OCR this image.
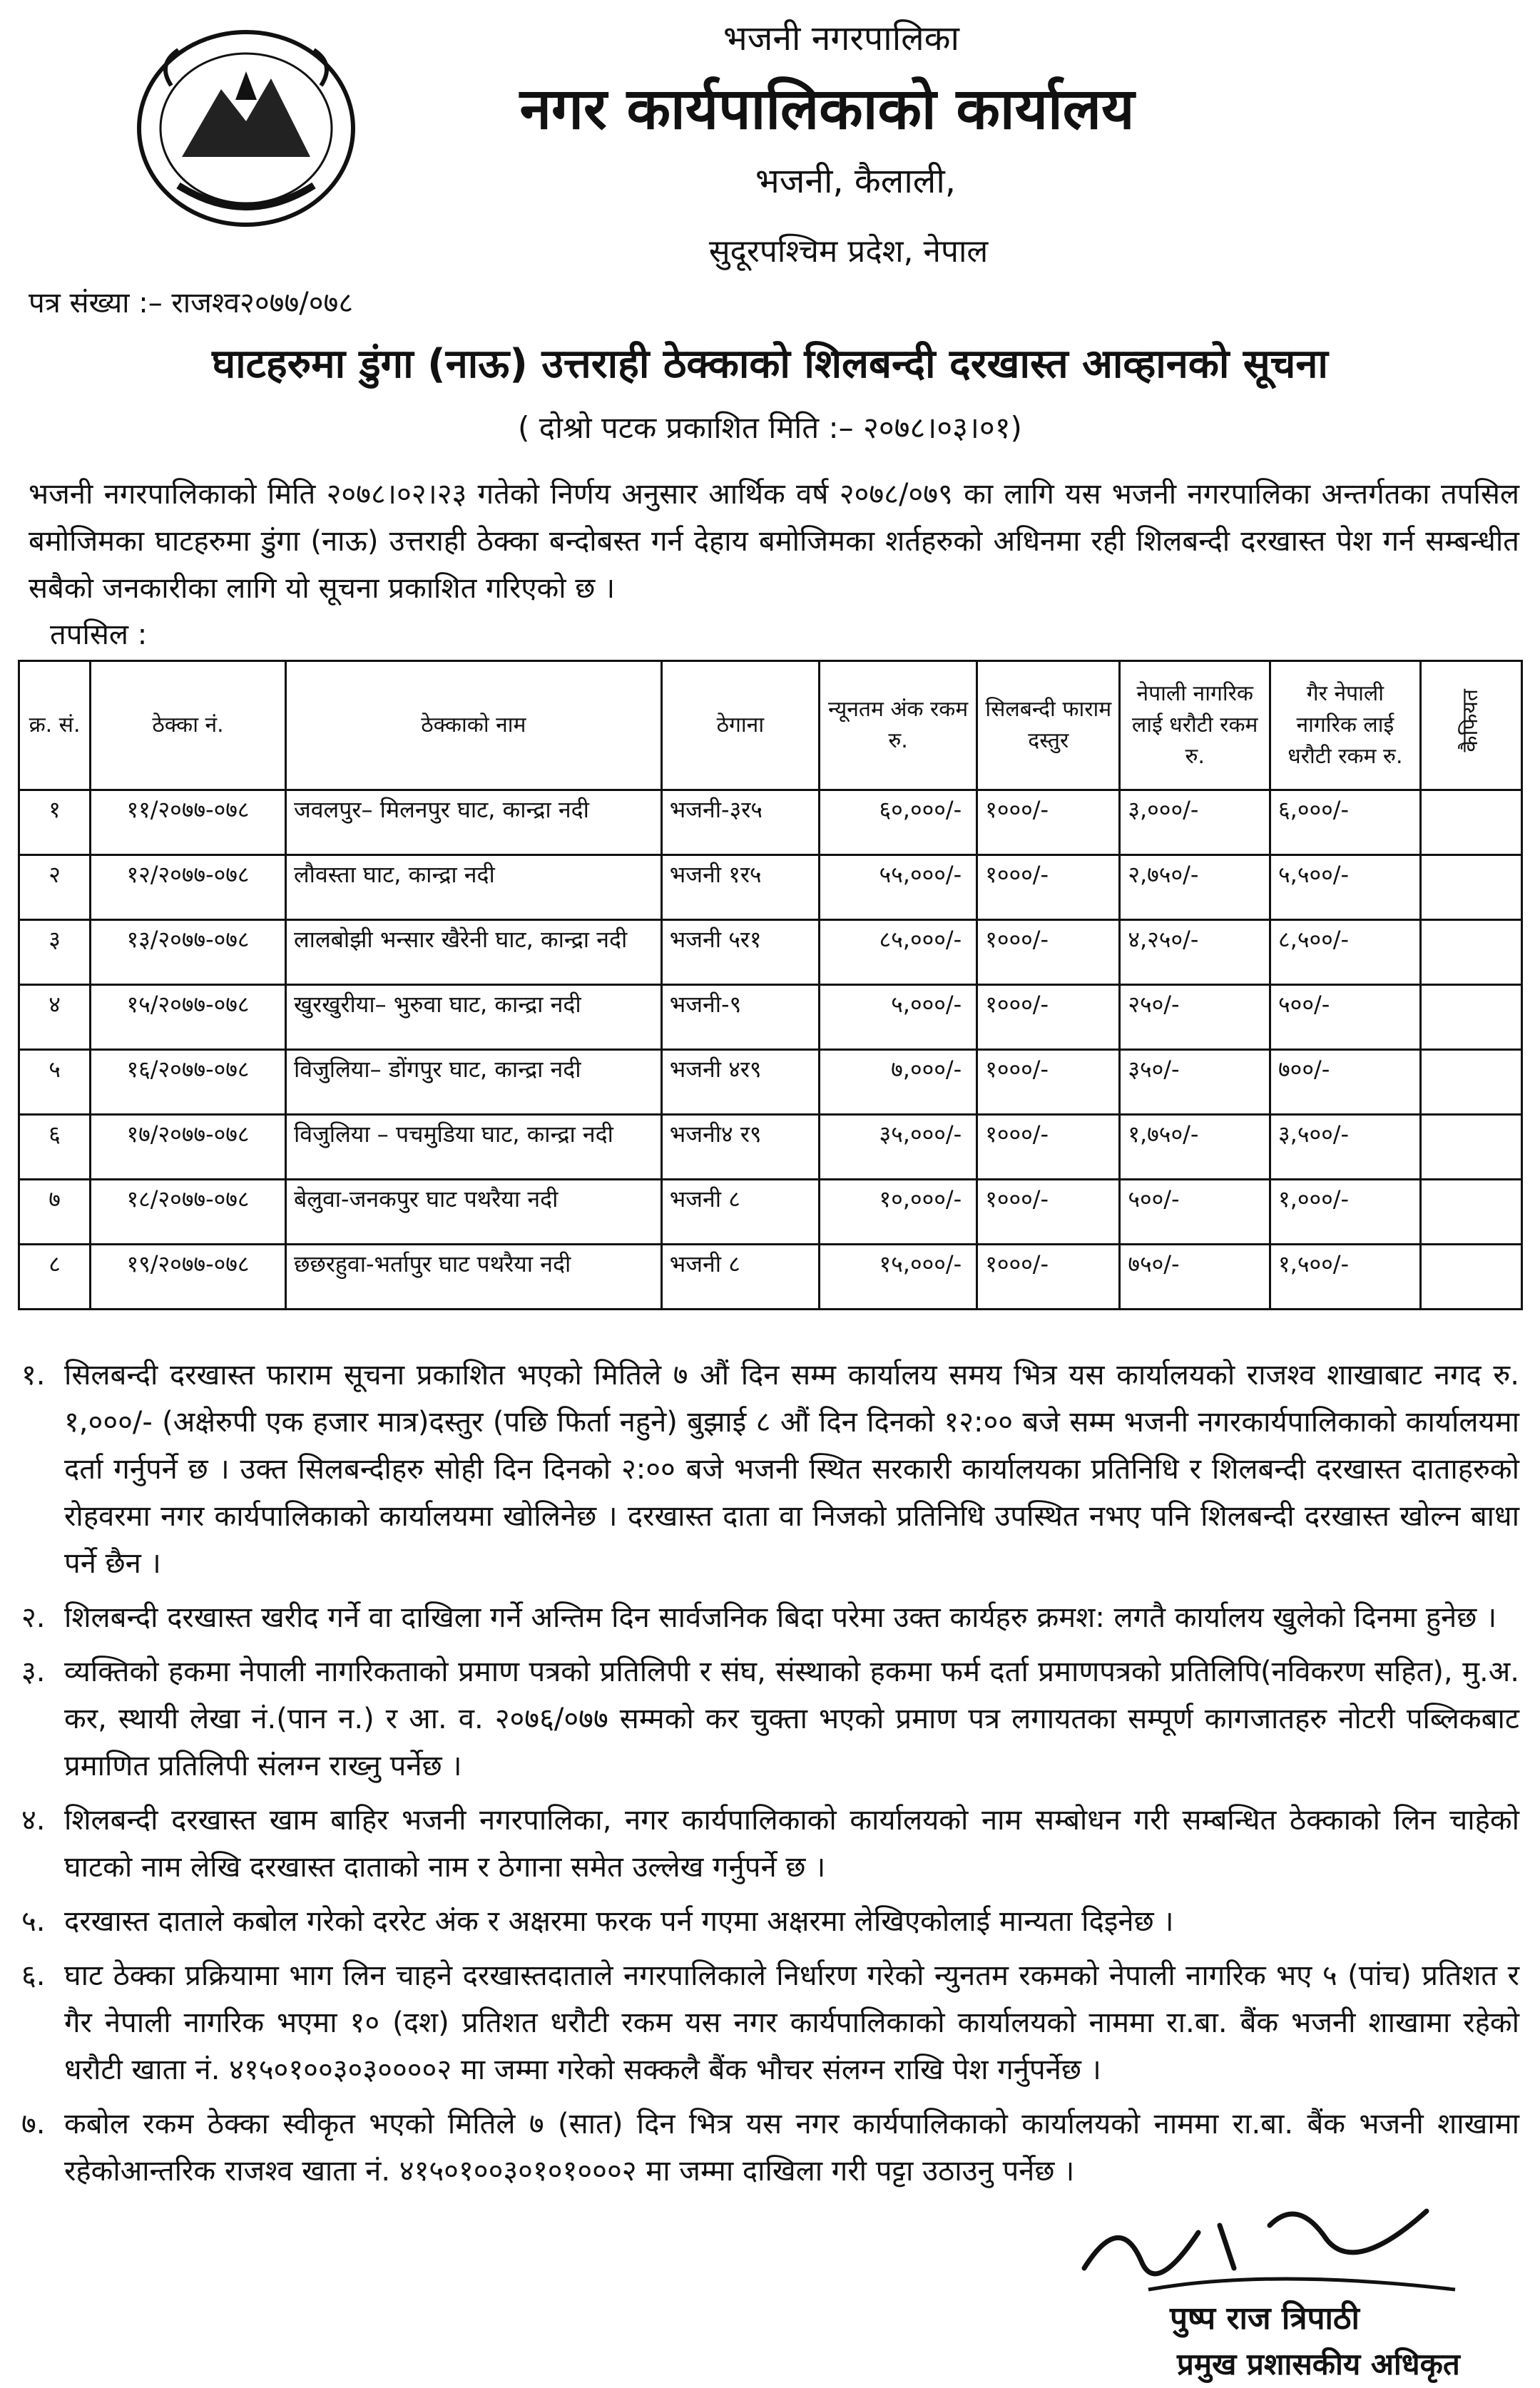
भजनी नगरपालिका
नगर कार्यपालिकाको कार्यालय
भजनी, कैलाली,
सुदूरपश्चिम प्रदेश, नेपाल
पत्र संख्या :– राजश्व२०७७/०७८
घाटहरुमा डुंगा (नाऊ) उत्तराही ठेक्काको शिलबन्दी दरखास्त आव्हानको सूचना
( दोश्रो पटक प्रकाशित मिति :– २०७८।०३।०१)
भजनी नगरपालिकाको मिति २०७८।०२।२३ गतेको निर्णय अनुसार आर्थिक वर्ष २०७८/०७९ का लागि यस भजनी नगरपालिका अन्तर्गतका तपसिल बमोजिमका घाटहरुमा डुंगा (नाऊ) उत्तराही ठेक्का बन्दोबस्त गर्न देहाय बमोजिमका शर्तहरुको अधिनमा रही शिलबन्दी दरखास्त पेश गर्न सम्बन्धीत सबैको जनकारीका लागि यो सूचना प्रकाशित गरिएको छ ।
तपसिल :
क्र. सं.	ठेक्का नं.	ठेक्काको नाम	ठेगाना	न्यूनतम अंक रकम रु.	सिलबन्दी फाराम दस्तुर	नेपाली नागरिक लाई धरौटी रकम रु.	गैर नेपाली नागरिक लाई धरौटी रकम रु.	कैफियत
१	११/२०७७-०७८	जवलपुर– मिलनपुर घाट, कान्द्रा नदी	भजनी-३र५	६०,०००/-	१०००/-	३,०००/-	६,०००/-	
२	१२/२०७७-०७८	लौवस्ता घाट, कान्द्रा नदी	भजनी १र५	५५,०००/-	१०००/-	२,७५०/-	५,५००/-	
३	१३/२०७७-०७८	लालबोझी भन्सार खैरेनी घाट, कान्द्रा नदी	भजनी ५र१	८५,०००/-	१०००/-	४,२५०/-	८,५००/-	
४	१५/२०७७-०७८	खुरखुरीया– भुरुवा घाट, कान्द्रा नदी	भजनी-९	५,०००/-	१०००/-	२५०/-	५००/-	
५	१६/२०७७-०७८	विजुलिया– डोंगपुर घाट, कान्द्रा नदी	भजनी ४र९	७,०००/-	१०००/-	३५०/-	७००/-	
६	१७/२०७७-०७८	विजुलिया – पचमुडिया घाट, कान्द्रा नदी	भजनी४ र९	३५,०००/-	१०००/-	१,७५०/-	३,५००/-	
७	१८/२०७७-०७८	बेलुवा-जनकपुर घाट पथरैया नदी	भजनी ८	१०,०००/-	१०००/-	५००/-	१,०००/-	
८	१९/२०७७-०७८	छछरहुवा-भर्तापुर घाट पथरैया नदी	भजनी ८	१५,०००/-	१०००/-	७५०/-	१,५००/-	
१. सिलबन्दी दरखास्त फाराम सूचना प्रकाशित भएको मितिले ७ औं दिन सम्म कार्यालय समय भित्र यस कार्यालयको राजश्व शाखाबाट नगद रु. १,०००/- (अक्षेरुपी एक हजार मात्र)दस्तुर (पछि फिर्ता नहुने) बुझाई ८ औं दिन दिनको १२:०० बजे सम्म भजनी नगरकार्यपालिकाको कार्यालयमा दर्ता गर्नुपर्ने छ । उक्त सिलबन्दीहरु सोही दिन दिनको २:०० बजे भजनी स्थित सरकारी कार्यालयका प्रतिनिधि र शिलबन्दी दरखास्त दाताहरुको रोहवरमा नगर कार्यपालिकाको कार्यालयमा खोलिनेछ । दरखास्त दाता वा निजको प्रतिनिधि उपस्थित नभए पनि शिलबन्दी दरखास्त खोल्न बाधा पर्ने छैन ।
२. शिलबन्दी दरखास्त खरीद गर्ने वा दाखिला गर्ने अन्तिम दिन सार्वजनिक बिदा परेमा उक्त कार्यहरु क्रमश: लगतै कार्यालय खुलेको दिनमा हुनेछ ।
३. व्यक्तिको हकमा नेपाली नागरिकताको प्रमाण पत्रको प्रतिलिपी र संघ, संस्थाको हकमा फर्म दर्ता प्रमाणपत्रको प्रतिलिपि(नविकरण सहित), मु.अ. कर, स्थायी लेखा नं.(पान न.) र आ. व. २०७६/०७७ सम्मको कर चुक्ता भएको प्रमाण पत्र लगायतका सम्पूर्ण कागजातहरु नोटरी पब्लिकबाट प्रमाणित प्रतिलिपी संलग्न राख्नु पर्नेछ ।
४. शिलबन्दी दरखास्त खाम बाहिर भजनी नगरपालिका, नगर कार्यपालिकाको कार्यालयको नाम सम्बोधन गरी सम्बन्धित ठेक्काको लिन चाहेको घाटको नाम लेखि दरखास्त दाताको नाम र ठेगाना समेत उल्लेख गर्नुपर्ने छ ।
५. दरखास्त दाताले कबोल गरेको दररेट अंक र अक्षरमा फरक पर्न गएमा अक्षरमा लेखिएकोलाई मान्यता दिइनेछ ।
६. घाट ठेक्का प्रक्रियामा भाग लिन चाहने दरखास्तदाताले नगरपालिकाले निर्धारण गरेको न्युनतम रकमको नेपाली नागरिक भए ५ (पांच) प्रतिशत र गैर नेपाली नागरिक भएमा १० (दश) प्रतिशत धरौटी रकम यस नगर कार्यपालिकाको कार्यालयको नाममा रा.बा. बैंक भजनी शाखामा रहेको धरौटी खाता नं. ४१५०१००३०३००००२ मा जम्मा गरेको सक्कलै बैंक भौचर संलग्न राखि पेश गर्नुपर्नेछ ।
७. कबोल रकम ठेक्का स्वीकृत भएको मितिले ७ (सात) दिन भित्र यस नगर कार्यपालिकाको कार्यालयको नाममा रा.बा. बैंक भजनी शाखामा रहेकोआन्तरिक राजश्व खाता नं. ४१५०१००३०१०१०००२ मा जम्मा दाखिला गरी पट्टा उठाउनु पर्नेछ ।
पुष्प राज त्रिपाठी
प्रमुख प्रशासकीय अधिकृत
